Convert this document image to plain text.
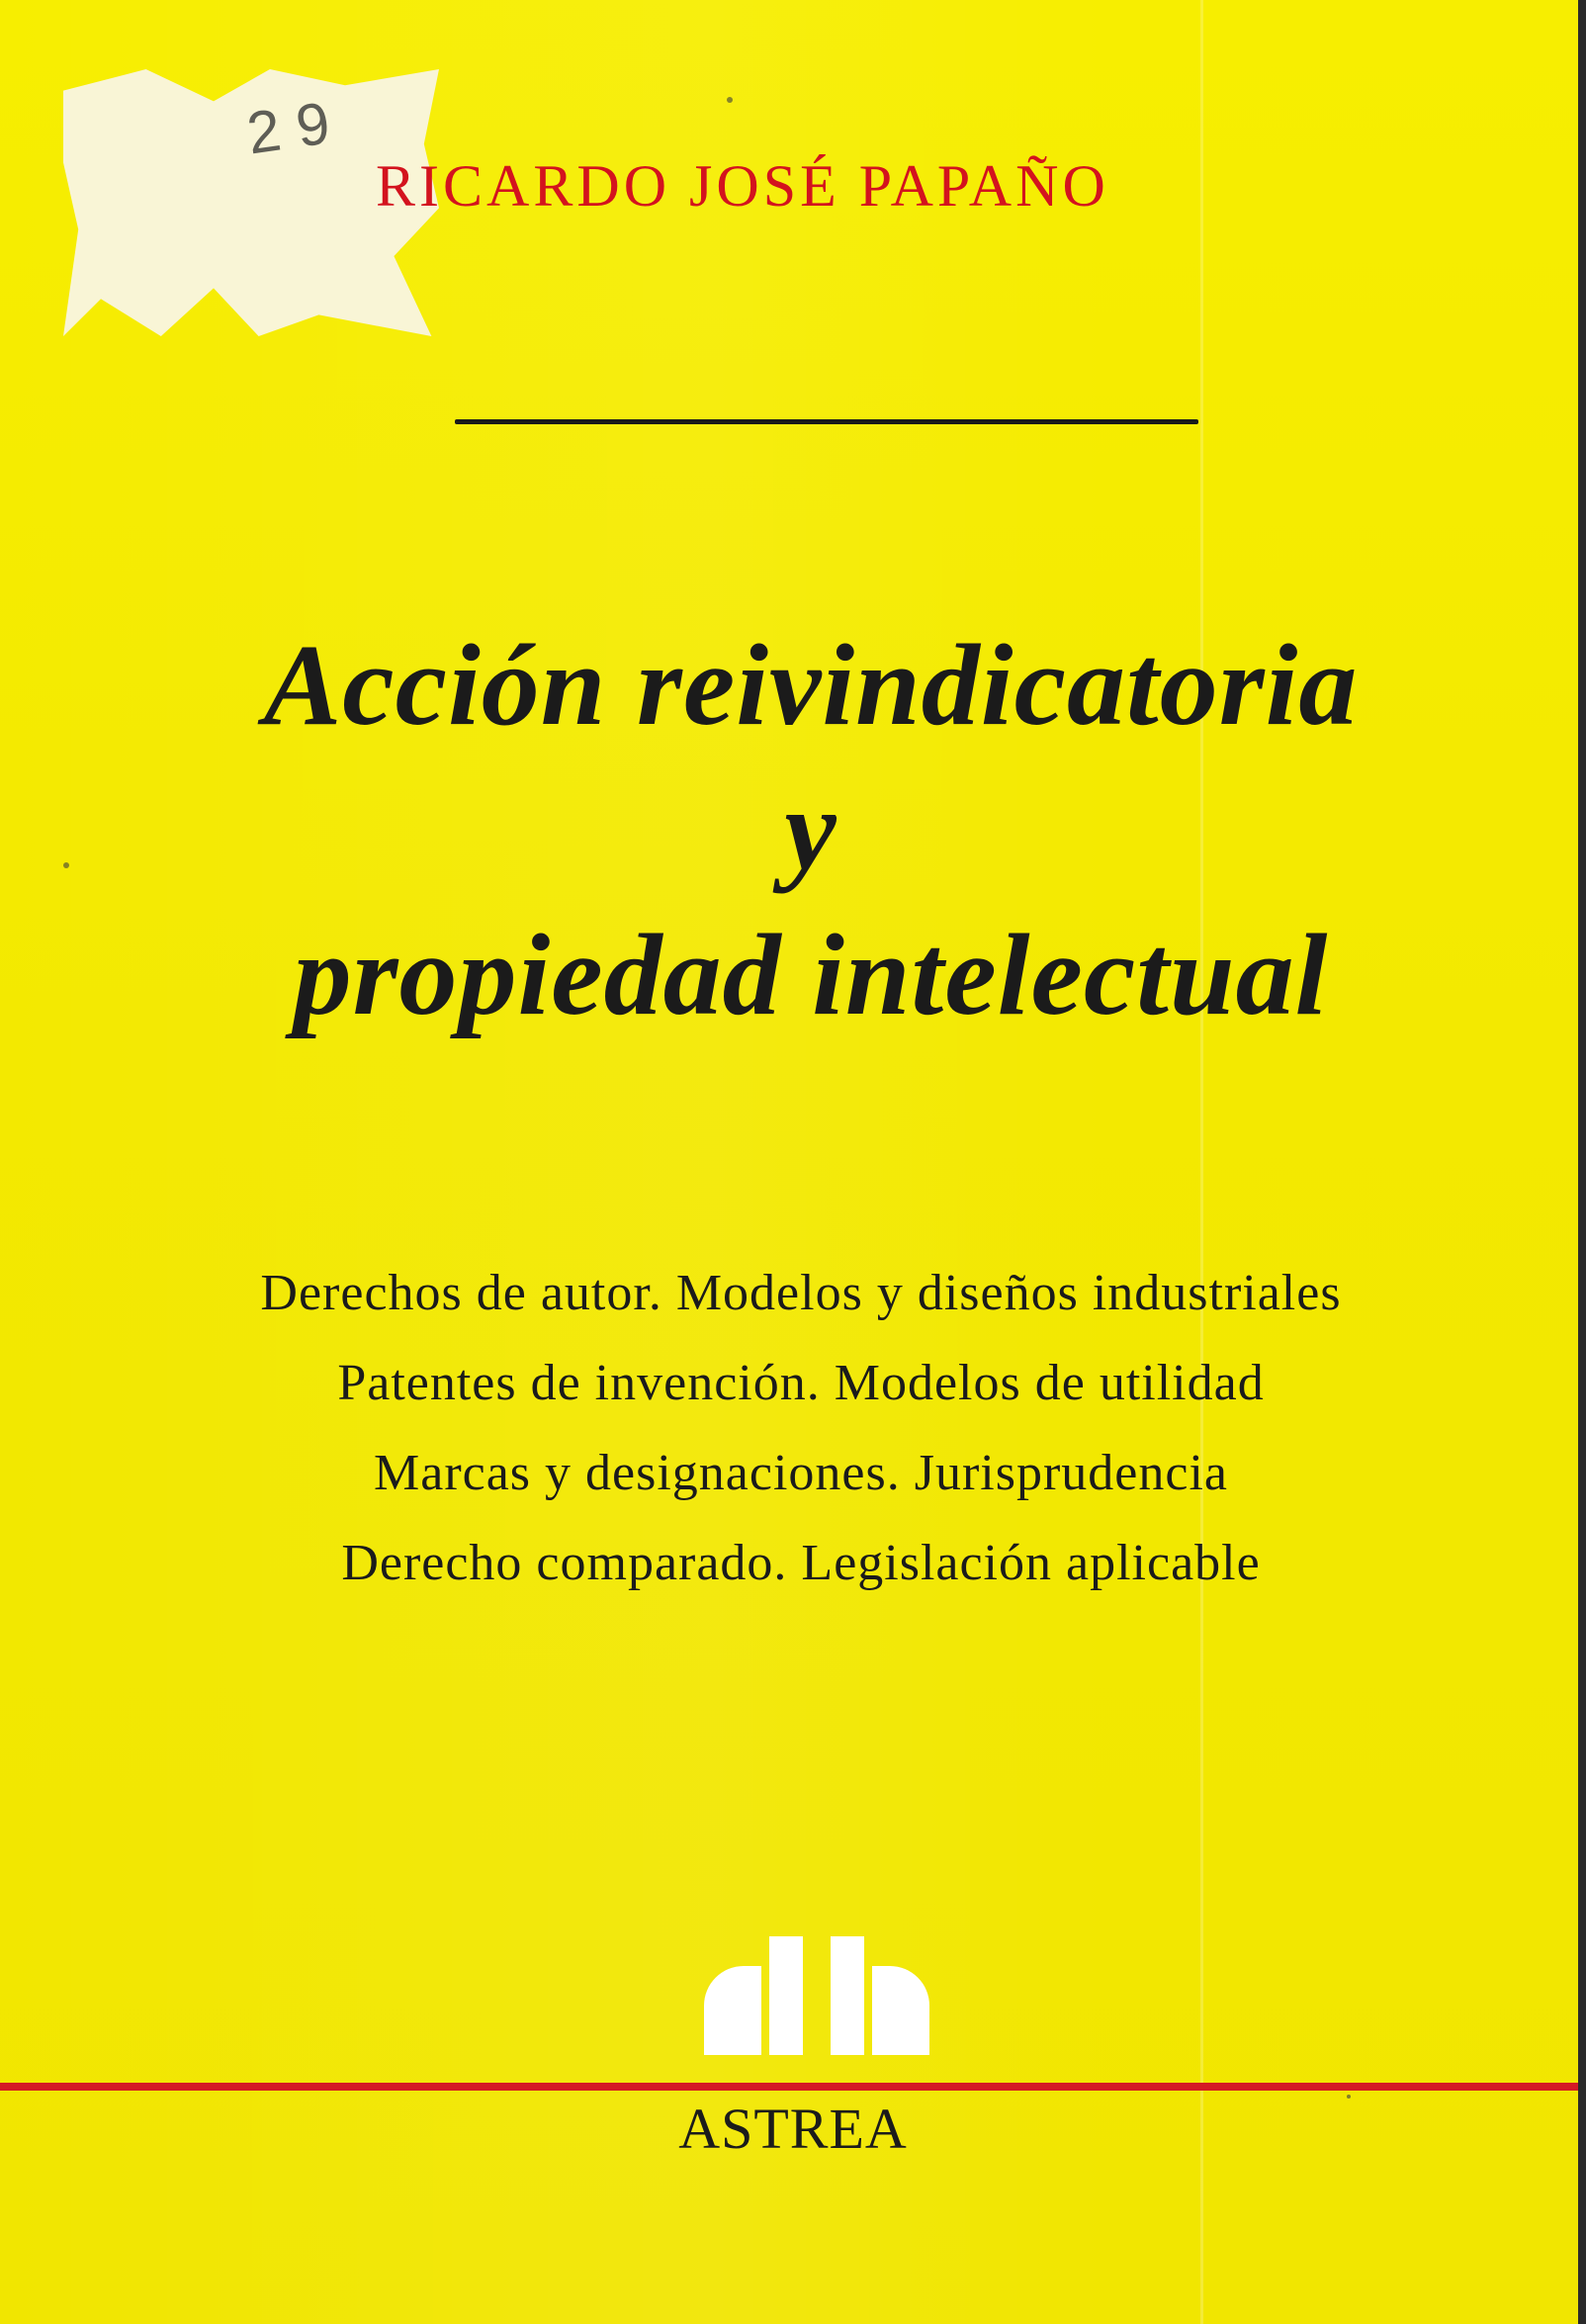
2 9
RICARDO JOSÉ PAPAÑO
Acción reivindicatoria
y
propiedad intelectual
Derechos de autor. Modelos y diseños industriales
Patentes de invención. Modelos de utilidad
Marcas y designaciones. Jurisprudencia
Derecho comparado. Legislación aplicable
ASTREA
